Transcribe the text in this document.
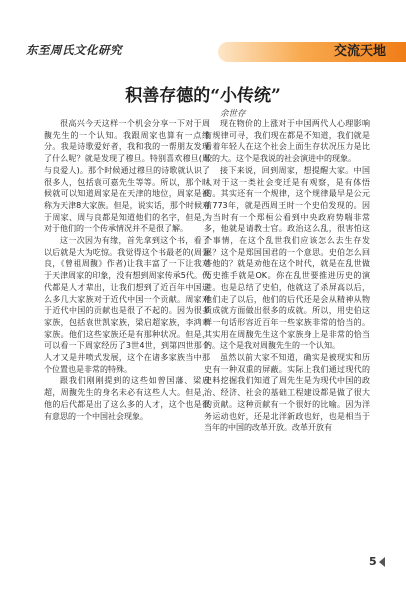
东至周氏文化研究	交流天地
积善存德的“小传统”
余世存

很高兴今天这样一个机会分享一下对于周馥先生的一个认知。我跟周家也算有一点缘分。我是诗歌爱好者，我和我的一帮朋友发现了什么呢？就是发现了穆旦。特别喜欢穆旦(周与良爱人)。那个时候通过穆旦的诗歌就认识了很多人，包括袁可嘉先生等等。所以，那个时候就可以知道周家是在天津的地位，周家是被称为天津8大家族。但是，说实话，那个时候对于周家、周与良都是知道他们的名字，但是，对于他们的一个传承情况并不是很了解。

这一次因为有缘，首先拿到这个书，看了以后就是大为吃惊。我觉得这个书最老的(周景良，《曾祖周馥》作者)让我丰富了一下让我对于天津周家的印象，没有想到周家传承5代。代代都是人才辈出，让我们想到了近百年中国这么多几大家族对于近代中国一个贡献。周家对于近代中国的贡献也是很了不起的。因为很多家族，包括袁世凯家族，梁启超家族，李鸿章家族。他们这些家族还是有那种状况。但是，可以看一下周家经历了3世4世，到第四世那个人才又是井喷式发展，这个在诸多家族当中那个位置也是非常的特殊。

跟我们刚刚提到的这些如曾国藩、梁启超，周馥先生的身名未必有这些人大。但是，他的后代都是出了这么多的人才，这个也是很有意思的一个中国社会现象。

现在物价的上涨对于中国两代人心理影响有规律可寻，我们现在都是不知道，我们就是看着年轻人在这个社会上面生存状况压力是比较的大。这个是我说的社会演进中的现象。

接下来说，回到周家，想提醒大家。中国人对于这一类社会变迁是有观察，是有体悟的。其实还有一个规律，这个规律最早是公元前773年，就是西周王时一个史伯发现的。因为当时有一个郑桓公看到中央政府势喘非常多，他就是请教士官。政治这么乱，很害怕这个事情，在这个乱世我们应该怎么去生存发展？这个是郑国国君的一个意思。史伯怎么回答他的？就是劝他在这个时代，就是在乱世做历史推手就是OK。你在乱世要推进历史的演进。也是总结了史伯，他就这了杀屏高以后，他们走了以后，他们的后代还是会从精神从物质成就方面做出很多的成就。所以，用史伯这样一句话形容近百年一些家族非常的恰当的。其实用在周馥先生这个家族身上是非常的恰当的。这个是我对周馥先生的一个认知。

虽然以前大家不知道，确实是被现实和历史有一种双重的屏蔽。实际上我们通过现代的史料挖掘我们知道了周先生是为现代中国的政治、经济、社会的基础工程建设都是做了很大的贡献。这种贡献有一个很好的比喻。因为洋务运动也好，还是北洋新政也好，也是相当于当年的中国的改革开放。改革开放有

5
